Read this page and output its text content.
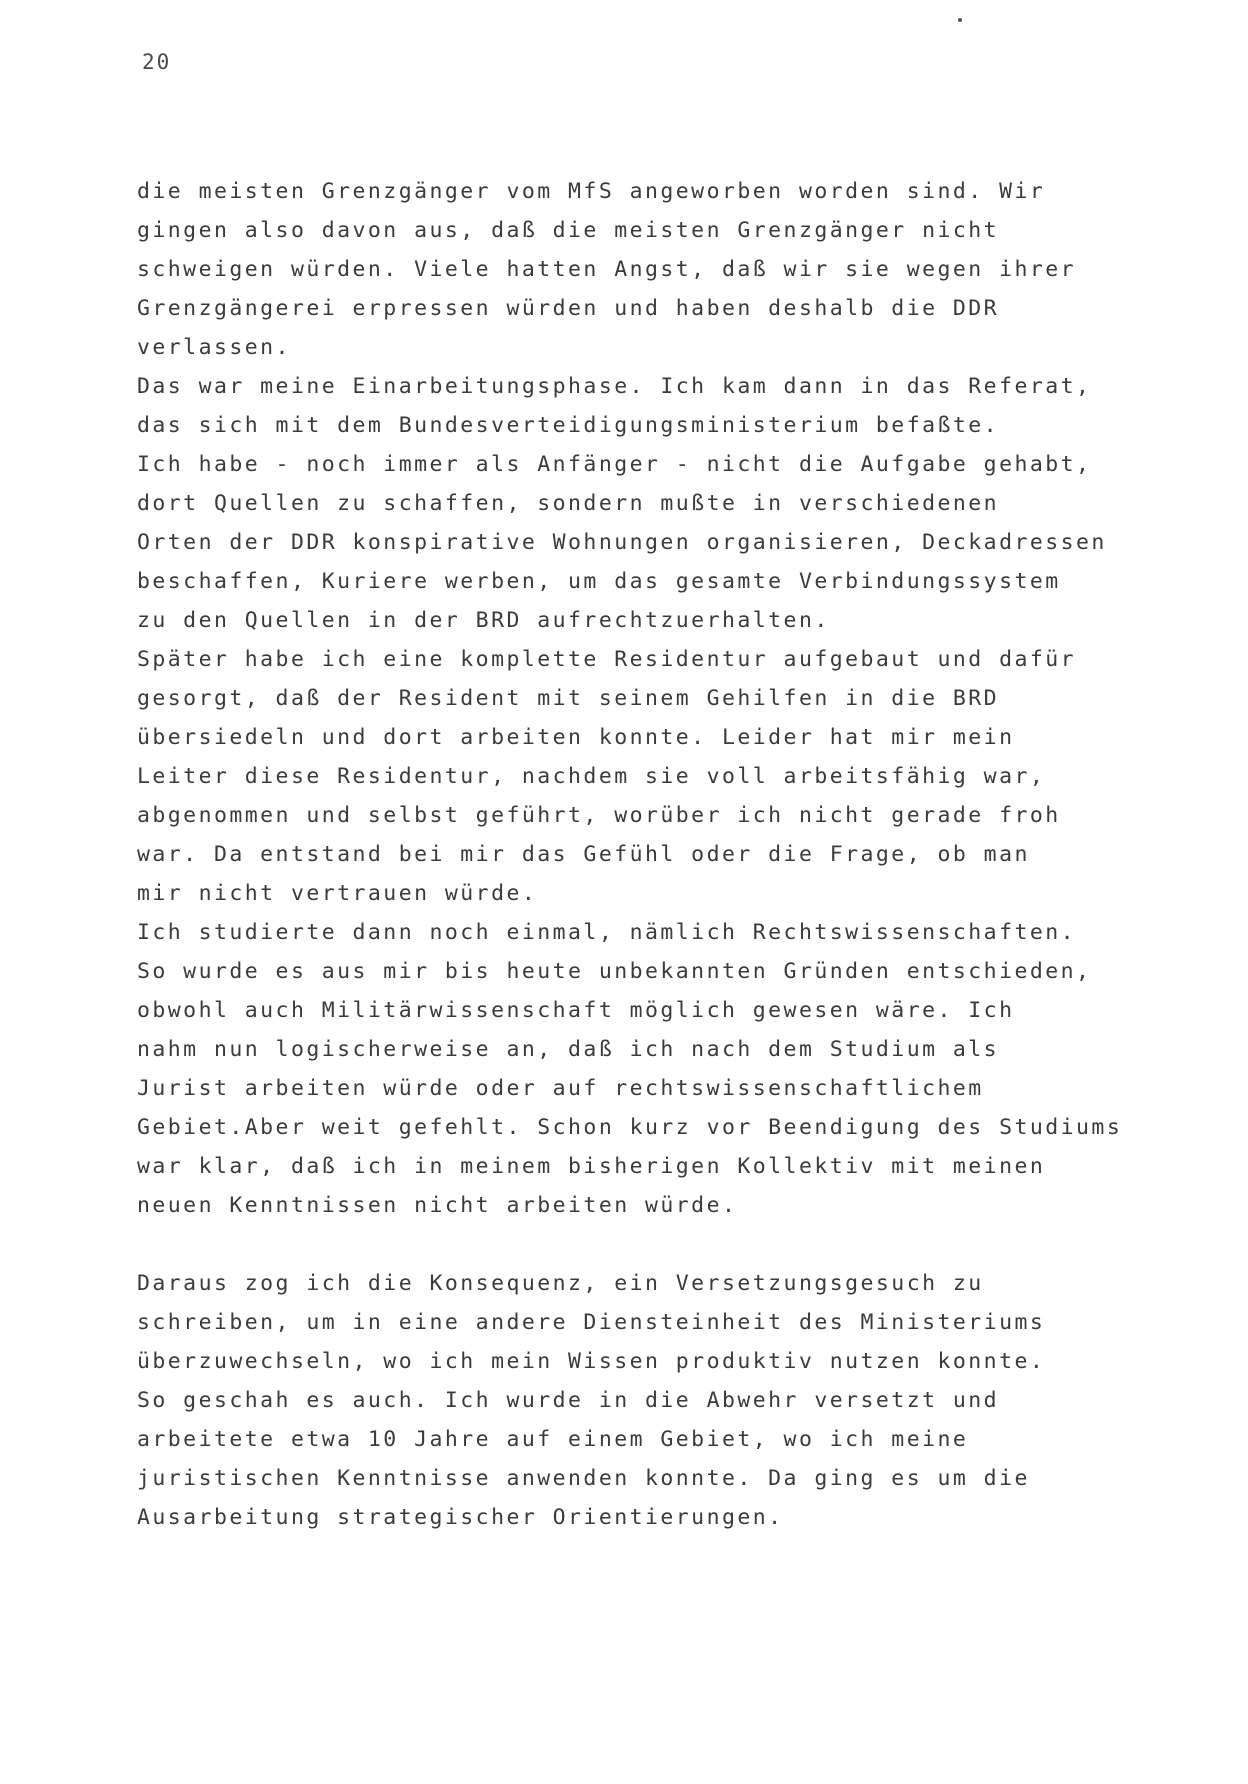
20
die meisten Grenzgänger vom MfS angeworben worden sind. Wir
gingen also davon aus, daß die meisten Grenzgänger nicht
schweigen würden. Viele hatten Angst, daß wir sie wegen ihrer
Grenzgängerei erpressen würden und haben deshalb die DDR
verlassen.
Das war meine Einarbeitungsphase. Ich kam dann in das Referat,
das sich mit dem Bundesverteidigungsministerium befaßte.
Ich habe - noch immer als Anfänger - nicht die Aufgabe gehabt,
dort Quellen zu schaffen, sondern mußte in verschiedenen
Orten der DDR konspirative Wohnungen organisieren, Deckadressen
beschaffen, Kuriere werben, um das gesamte Verbindungssystem
zu den Quellen in der BRD aufrechtzuerhalten.
Später habe ich eine komplette Residentur aufgebaut und dafür
gesorgt, daß der Resident mit seinem Gehilfen in die BRD
übersiedeln und dort arbeiten konnte. Leider hat mir mein
Leiter diese Residentur, nachdem sie voll arbeitsfähig war,
abgenommen und selbst geführt, worüber ich nicht gerade froh
war. Da entstand bei mir das Gefühl oder die Frage, ob man
mir nicht vertrauen würde.
Ich studierte dann noch einmal, nämlich Rechtswissenschaften.
So wurde es aus mir bis heute unbekannten Gründen entschieden,
obwohl auch Militärwissenschaft möglich gewesen wäre. Ich
nahm nun logischerweise an, daß ich nach dem Studium als
Jurist arbeiten würde oder auf rechtswissenschaftlichem
Gebiet.Aber weit gefehlt. Schon kurz vor Beendigung des Studiums
war klar, daß ich in meinem bisherigen Kollektiv mit meinen
neuen Kenntnissen nicht arbeiten würde.
Daraus zog ich die Konsequenz, ein Versetzungsgesuch zu
schreiben, um in eine andere Diensteinheit des Ministeriums
überzuwechseln, wo ich mein Wissen produktiv nutzen konnte.
So geschah es auch. Ich wurde in die Abwehr versetzt und
arbeitete etwa 10 Jahre auf einem Gebiet, wo ich meine
juristischen Kenntnisse anwenden konnte. Da ging es um die
Ausarbeitung strategischer Orientierungen.
